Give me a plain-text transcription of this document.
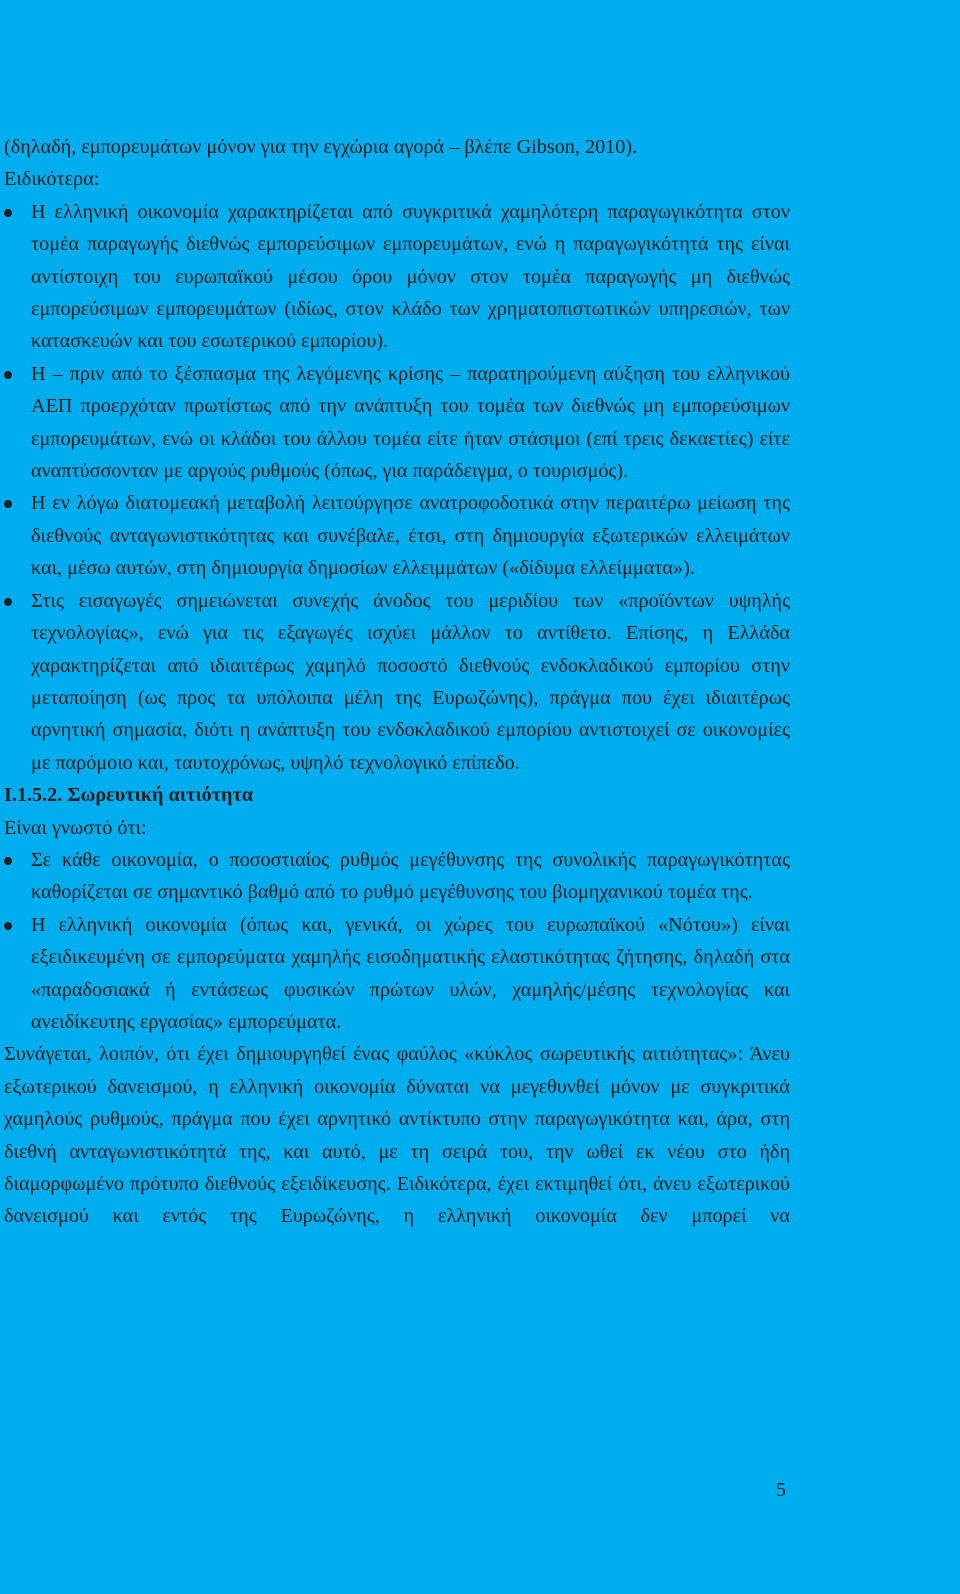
(δηλαδή, εμπορευμάτων μόνον για την εγχώρια αγορά – βλέπε Gibson, 2010).

Ειδικότερα:

Η ελληνική οικονομία χαρακτηρίζεται από συγκριτικά χαμηλότερη παραγωγικότητα στον τομέα παραγωγής διεθνώς εμπορεύσιμων εμπορευμάτων, ενώ η παραγωγικότητά της είναι αντίστοιχη του ευρωπαϊκού μέσου όρου μόνον στον τομέα παραγωγής μη διεθνώς εμπορεύσιμων εμπορευμάτων (ιδίως, στον κλάδο των χρηματοπιστωτικών υπηρεσιών, των κατασκευών και του εσωτερικού εμπορίου).
Η – πριν από το ξέσπασμα της λεγόμενης κρίσης – παρατηρούμενη αύξηση του ελληνικού ΑΕΠ προερχόταν πρωτίστως από την ανάπτυξη του τομέα των διεθνώς μη εμπορεύσιμων εμπορευμάτων, ενώ οι κλάδοι του άλλου τομέα είτε ήταν στάσιμοι (επί τρεις δεκαετίες) είτε αναπτύσσονταν με αργούς ρυθμούς (όπως, για παράδειγμα, ο τουρισμός).
Η εν λόγω διατομεακή μεταβολή λειτούργησε ανατροφοδοτικά στην περαιτέρω μείωση της διεθνούς ανταγωνιστικότητας και συνέβαλε, έτσι, στη δημιουργία εξωτερικών ελλειμάτων και, μέσω αυτών, στη δημιουργία δημοσίων ελλειμμάτων («δίδυμα ελλείμματα»).
Στις εισαγωγές σημειώνεται συνεχής άνοδος του μεριδίου των «προϊόντων υψηλής τεχνολογίας», ενώ για τις εξαγωγές ισχύει μάλλον το αντίθετο. Επίσης, η Ελλάδα χαρακτηρίζεται από ιδιαιτέρως χαμηλό ποσοστό διεθνούς ενδοκλαδικού εμπορίου στην μεταποίηση (ως προς τα υπόλοιπα μέλη της Ευρωζώνης), πράγμα που έχει ιδιαιτέρως αρνητική σημασία, διότι η ανάπτυξη του ενδοκλαδικού εμπορίου αντιστοιχεί σε οικονομίες με παρόμοιο και, ταυτοχρόνως, υψηλό τεχνολογικό επίπεδο.

Ι.1.5.2. Σωρευτική αιτιότητα

Είναι γνωστό ότι:

Σε κάθε οικονομία, ο ποσοστιαίος ρυθμός μεγέθυνσης της συνολικής παραγωγικότητας καθορίζεται σε σημαντικό βαθμό από το ρυθμό μεγέθυνσης του βιομηχανικού τομέα της.
Η ελληνική οικονομία (όπως και, γενικά, οι χώρες του ευρωπαϊκού «Νότου») είναι εξειδικευμένη σε εμπορεύματα χαμηλής εισοδηματικής ελαστικότητας ζήτησης, δηλαδή στα «παραδοσιακά ή εντάσεως φυσικών πρώτων υλών, χαμηλής/μέσης τεχνολογίας και ανειδίκευτης εργασίας» εμπορεύματα.

Συνάγεται, λοιπόν, ότι έχει δημιουργηθεί ένας φαύλος «κύκλος σωρευτικής αιτιότητας»: Άνευ εξωτερικού δανεισμού, η ελληνική οικονομία δύναται να μεγεθυνθεί μόνον με συγκριτικά χαμηλούς ρυθμούς, πράγμα που έχει αρνητικό αντίκτυπο στην παραγωγικότητα και, άρα, στη διεθνή ανταγωνιστικότητά της, και αυτό, με τη σειρά του, την ωθεί εκ νέου στο ήδη διαμορφωμένο πρότυπο διεθνούς εξειδίκευσης. Ειδικότερα, έχει εκτιμηθεί ότι, άνευ εξωτερικού δανεισμού και εντός της Ευρωζώνης, η ελληνική οικονομία δεν μπορεί να

5
